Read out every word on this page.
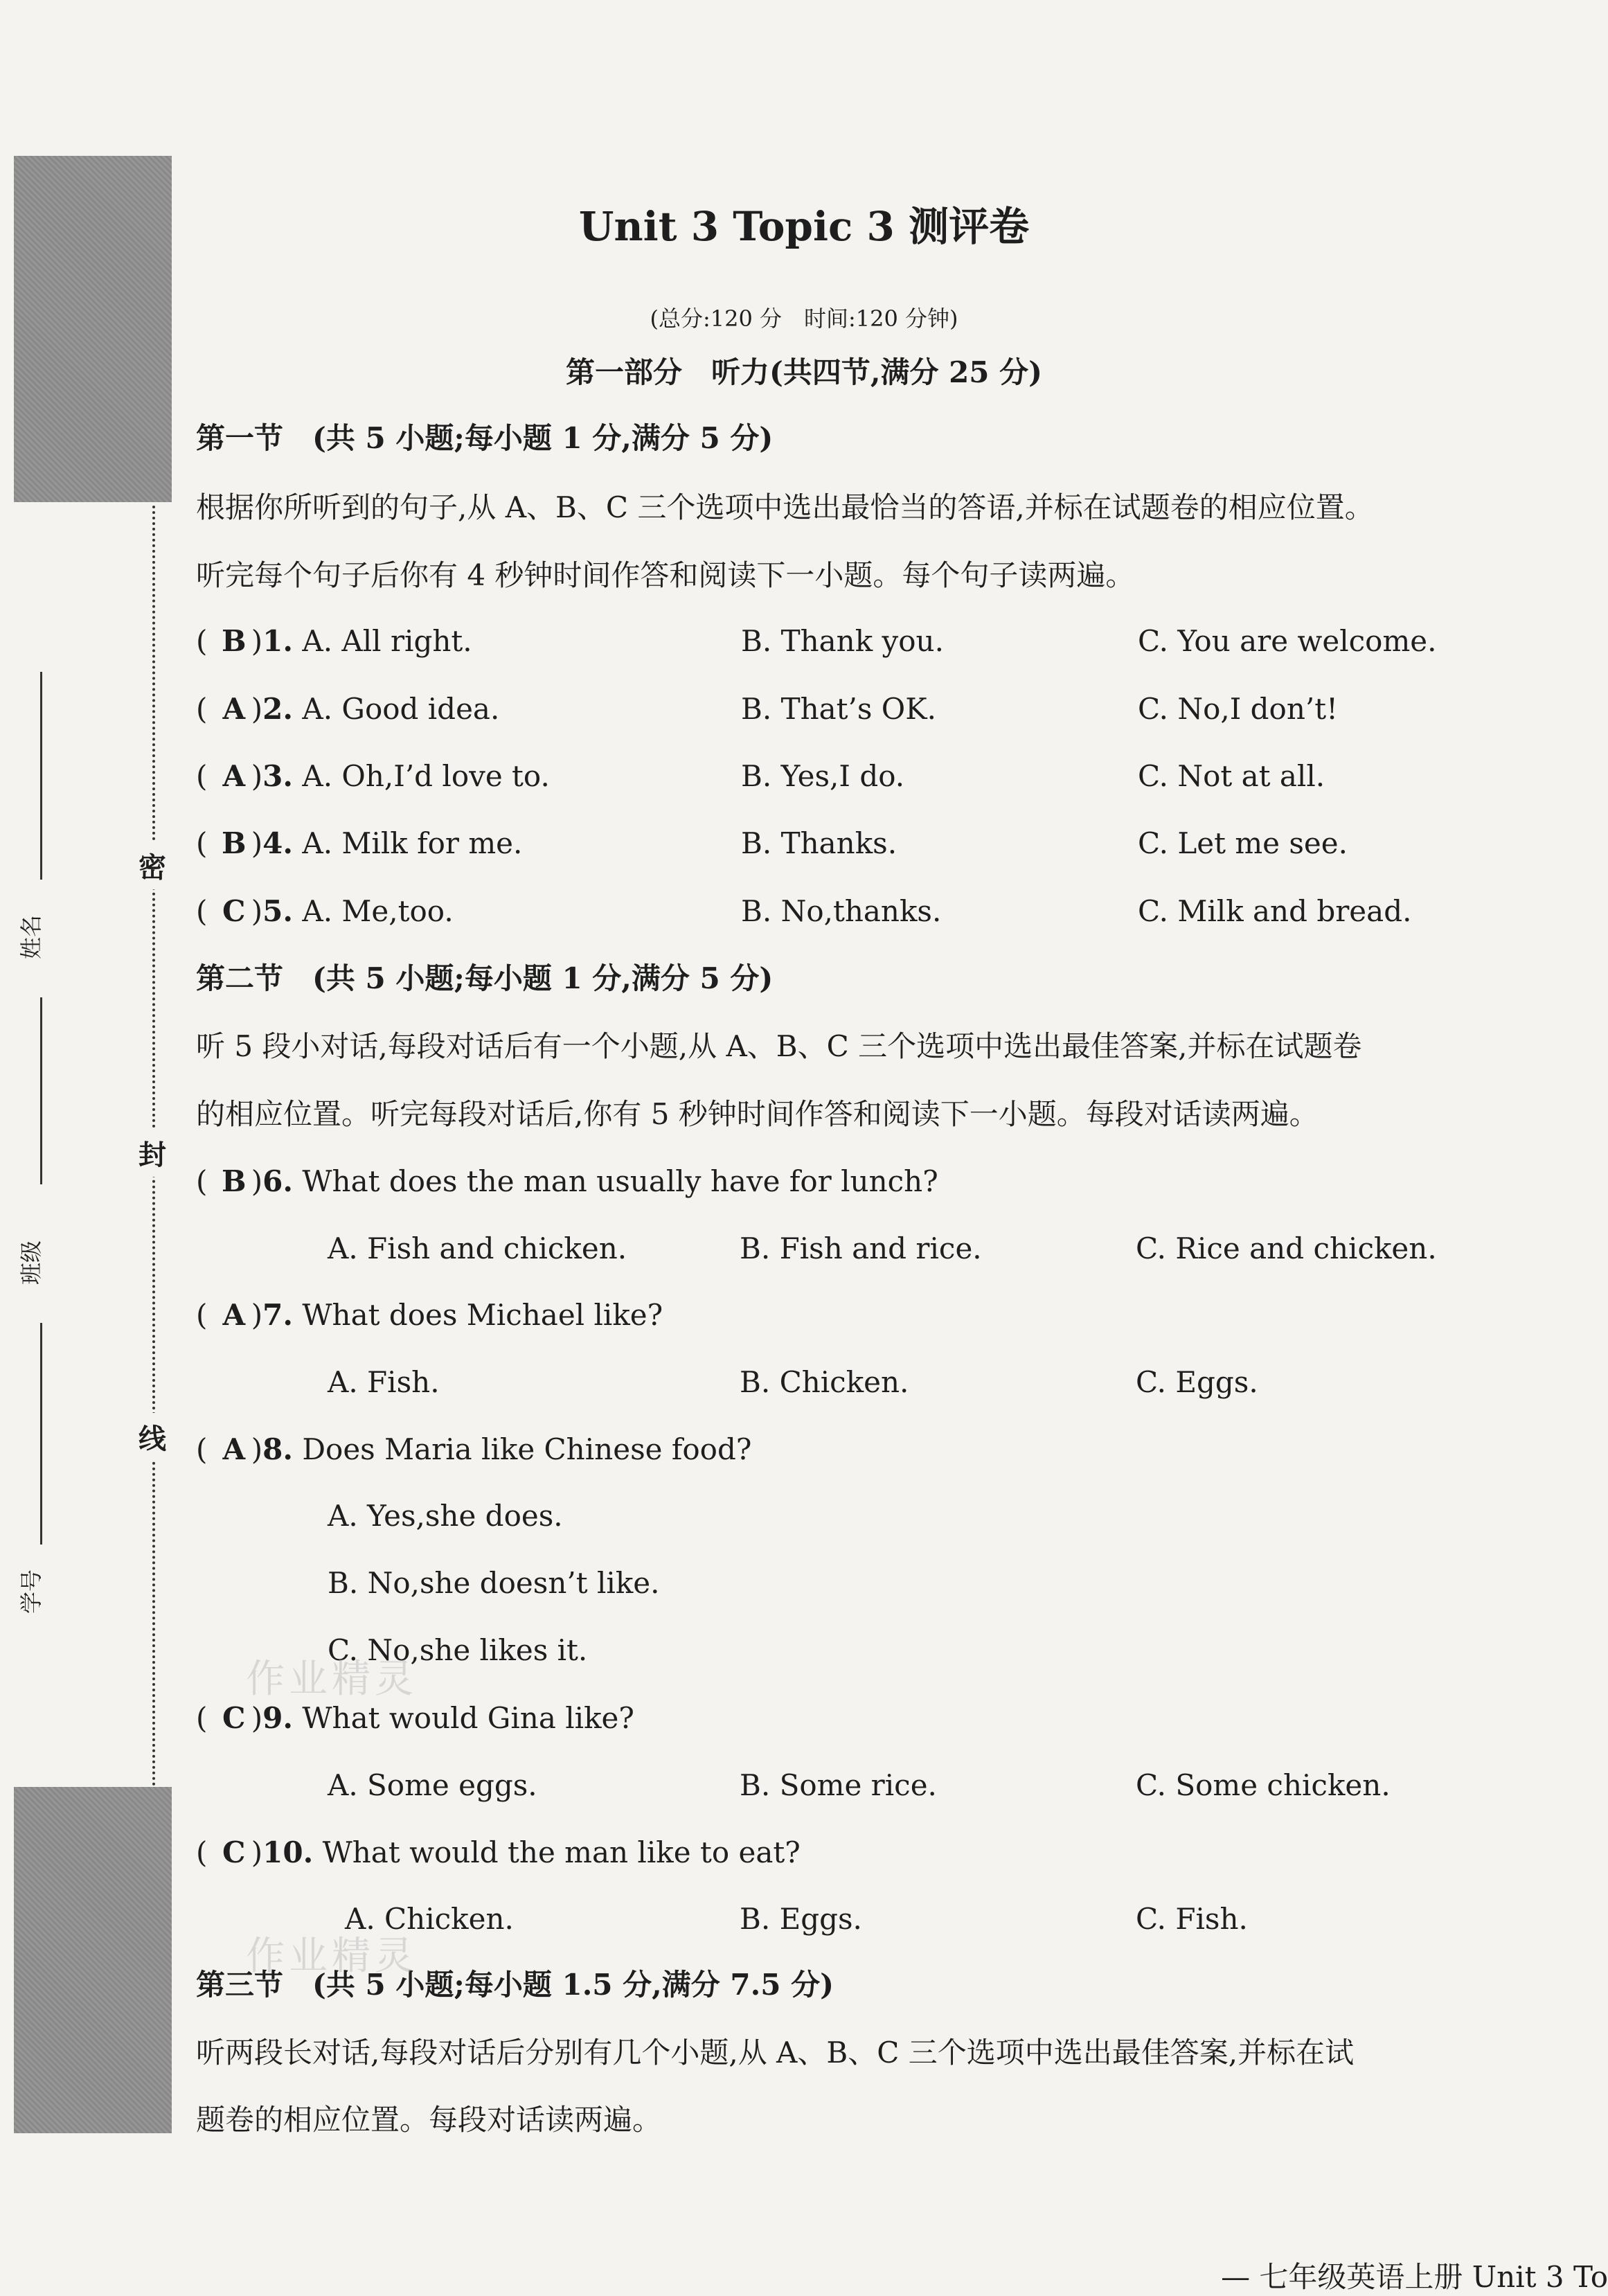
密
封
线
姓名
班级
学号
Unit 3 Topic 3 测评卷
(总分:120 分　时间:120 分钟)
第一部分　听力(共四节,满分 25 分)
第一节　(共 5 小题;每小题 1 分,满分 5 分)
根据你所听到的句子,从 A、B、C 三个选项中选出最恰当的答语,并标在试题卷的相应位置。
听完每个句子后你有 4 秒钟时间作答和阅读下一小题。每个句子读两遍。
( B )1. A. All right.	B. Thank you.	C. You are welcome.
( A )2. A. Good idea.	B. That’s OK.	C. No,I don’t!
( A )3. A. Oh,I’d love to.	B. Yes,I do.	C. Not at all.
( B )4. A. Milk for me.	B. Thanks.	C. Let me see.
( C )5. A. Me,too.	B. No,thanks.	C. Milk and bread.
第二节　(共 5 小题;每小题 1 分,满分 5 分)
听 5 段小对话,每段对话后有一个小题,从 A、B、C 三个选项中选出最佳答案,并标在试题卷
的相应位置。听完每段对话后,你有 5 秒钟时间作答和阅读下一小题。每段对话读两遍。
( B )6. What does the man usually have for lunch?
A. Fish and chicken.	B. Fish and rice.	C. Rice and chicken.
( A )7. What does Michael like?
A. Fish.	B. Chicken.	C. Eggs.
( A )8. Does Maria like Chinese food?
A. Yes,she does.
B. No,she doesn’t like.
C. No,she likes it.
( C )9. What would Gina like?
A. Some eggs.	B. Some rice.	C. Some chicken.
( C )10. What would the man like to eat?
A. Chicken.	B. Eggs.	C. Fish.
第三节　(共 5 小题;每小题 1.5 分,满分 7.5 分)
听两段长对话,每段对话后分别有几个小题,从 A、B、C 三个选项中选出最佳答案,并标在试
题卷的相应位置。每段对话读两遍。
作业精灵
作业精灵
— 七年级英语上册 Unit 3 To
